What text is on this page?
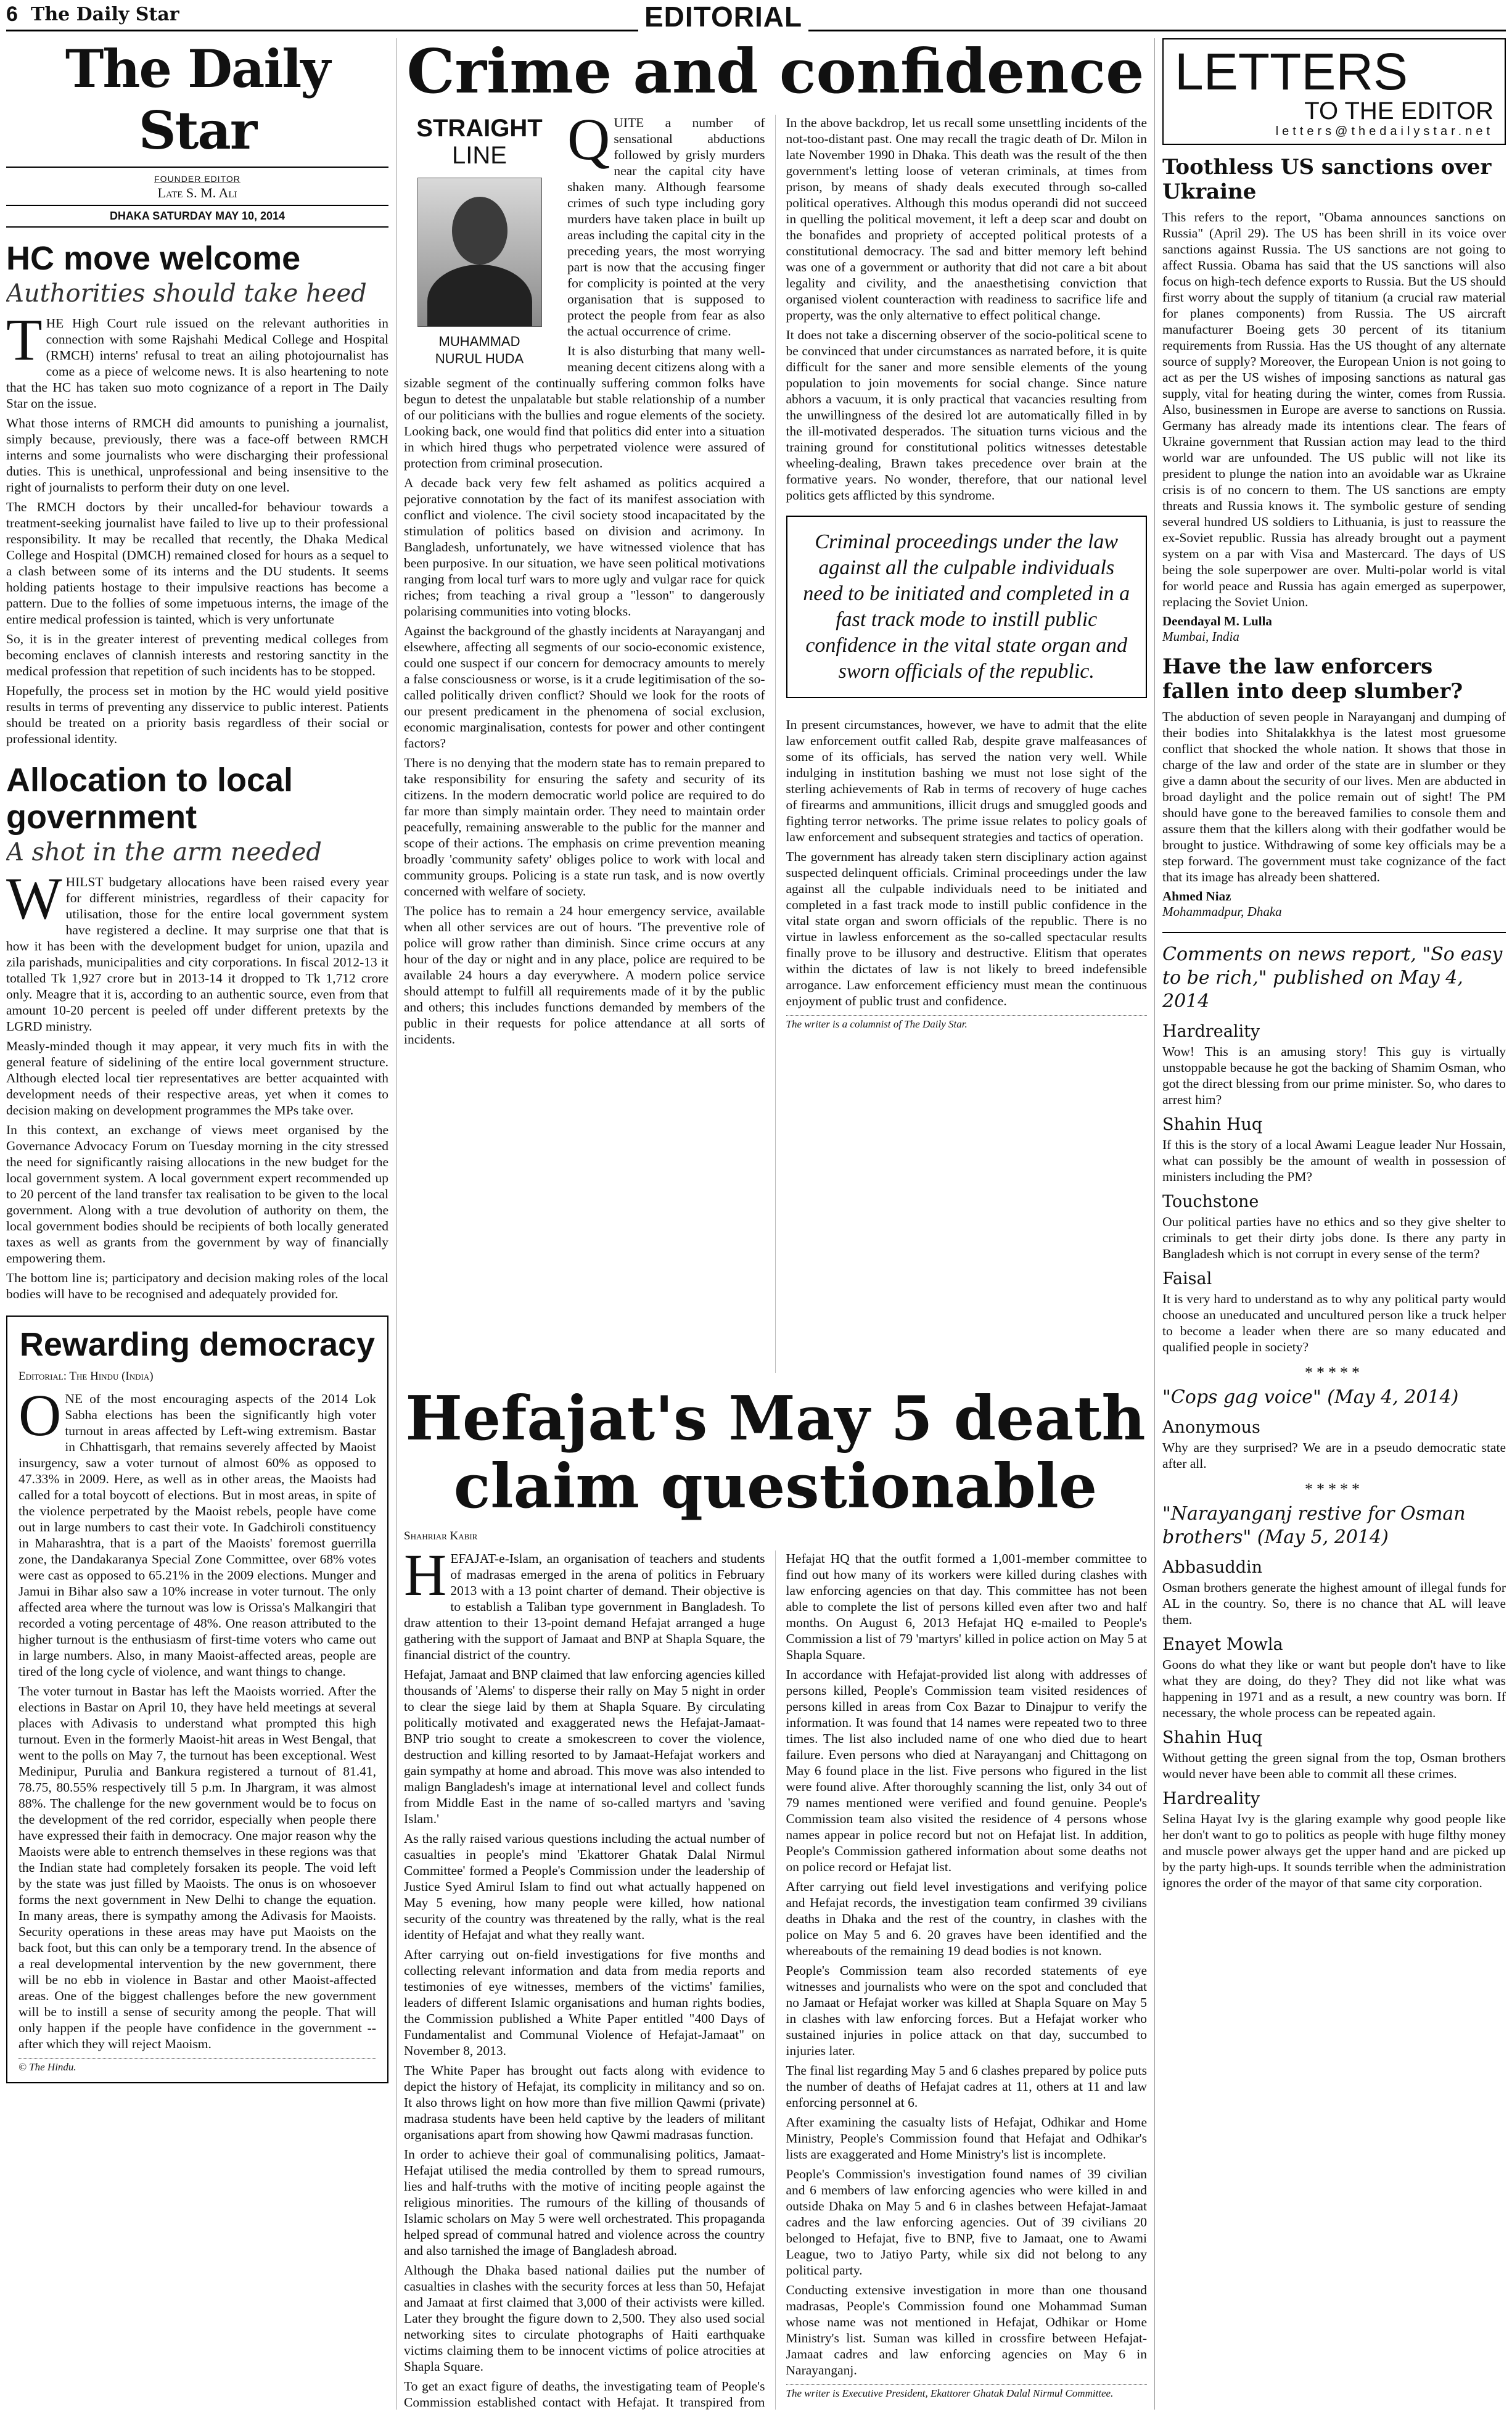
6 The Daily Star	EDITORIAL
The Daily Star
FOUNDER EDITOR
Late S. M. Ali
DHAKA SATURDAY MAY 10, 2014
HC move welcome
Authorities should take heed

THE High Court rule issued on the relevant authorities in connection with some Rajshahi Medical College and Hospital (RMCH) interns' refusal to treat an ailing photojournalist has come as a piece of welcome news. It is also heartening to note that the HC has taken suo moto cognizance of a report in The Daily Star on the issue.

What those interns of RMCH did amounts to punishing a journalist, simply because, previously, there was a face-off between RMCH interns and some journalists who were discharging their professional duties. This is unethical, unprofessional and being insensitive to the right of journalists to perform their duty on one level.

The RMCH doctors by their uncalled-for behaviour towards a treatment-seeking journalist have failed to live up to their professional responsibility. It may be recalled that recently, the Dhaka Medical College and Hospital (DMCH) remained closed for hours as a sequel to a clash between some of its interns and the DU students. It seems holding patients hostage to their impulsive reactions has become a pattern. Due to the follies of some impetuous interns, the image of the entire medical profession is tainted, which is very unfortunate

So, it is in the greater interest of preventing medical colleges from becoming enclaves of clannish interests and restoring sanctity in the medical profession that repetition of such incidents has to be stopped.

Hopefully, the process set in motion by the HC would yield positive results in terms of preventing any disservice to public interest. Patients should be treated on a priority basis regardless of their social or professional identity.

Allocation to local government
A shot in the arm needed

WHILST budgetary allocations have been raised every year for different ministries, regardless of their capacity for utilisation, those for the entire local government system have registered a decline. It may surprise one that that is how it has been with the development budget for union, upazila and zila parishads, municipalities and city corporations. In fiscal 2012-13 it totalled Tk 1,927 crore but in 2013-14 it dropped to Tk 1,712 crore only. Meagre that it is, according to an authentic source, even from that amount 10-20 percent is peeled off under different pretexts by the LGRD ministry.

Measly-minded though it may appear, it very much fits in with the general feature of sidelining of the entire local government structure. Although elected local tier representatives are better acquainted with development needs of their respective areas, yet when it comes to decision making on development programmes the MPs take over.

In this context, an exchange of views meet organised by the Governance Advocacy Forum on Tuesday morning in the city stressed the need for significantly raising allocations in the new budget for the local government system. A local government expert recommended up to 20 percent of the land transfer tax realisation to be given to the local government. Along with a true devolution of authority on them, the local government bodies should be recipients of both locally generated taxes as well as grants from the government by way of financially empowering them.

The bottom line is; participatory and decision making roles of the local bodies will have to be recognised and adequately provided for.

Rewarding democracy
Editorial: The Hindu (India)

ONE of the most encouraging aspects of the 2014 Lok Sabha elections has been the significantly high voter turnout in areas affected by Left-wing extremism. Bastar in Chhattisgarh, that remains severely affected by Maoist insurgency, saw a voter turnout of almost 60% as opposed to 47.33% in 2009. Here, as well as in other areas, the Maoists had called for a total boycott of elections. But in most areas, in spite of the violence perpetrated by the Maoist rebels, people have come out in large numbers to cast their vote. In Gadchiroli constituency in Maharashtra, that is a part of the Maoists' foremost guerrilla zone, the Dandakaranya Special Zone Committee, over 68% votes were cast as opposed to 65.21% in the 2009 elections. Munger and Jamui in Bihar also saw a 10% increase in voter turnout. The only affected area where the turnout was low is Orissa's Malkangiri that recorded a voting percentage of 48%. One reason attributed to the higher turnout is the enthusiasm of first-time voters who came out in large numbers. Also, in many Maoist-affected areas, people are tired of the long cycle of violence, and want things to change.

The voter turnout in Bastar has left the Maoists worried. After the elections in Bastar on April 10, they have held meetings at several places with Adivasis to understand what prompted this high turnout. Even in the formerly Maoist-hit areas in West Bengal, that went to the polls on May 7, the turnout has been exceptional. West Medinipur, Purulia and Bankura registered a turnout of 81.41, 78.75, 80.55% respectively till 5 p.m. In Jhargram, it was almost 88%. The challenge for the new government would be to focus on the development of the red corridor, especially when people there have expressed their faith in democracy. One major reason why the Maoists were able to entrench themselves in these regions was that the Indian state had completely forsaken its people. The void left by the state was just filled by Maoists. The onus is on whosoever forms the next government in New Delhi to change the equation. In many areas, there is sympathy among the Adivasis for Maoists. Security operations in these areas may have put Maoists on the back foot, but this can only be a temporary trend. In the absence of a real developmental intervention by the new government, there will be no ebb in violence in Bastar and other Maoist-affected areas. One of the biggest challenges before the new government will be to instill a sense of security among the people. That will only happen if the people have confidence in the government -- after which they will reject Maoism.

© The Hindu.
Crime and confidence
STRAIGHT
LINE
MUHAMMAD
NURUL HUDA

QUITE a number of sensational abductions followed by grisly murders near the capital city have shaken many. Although fearsome crimes of such type including gory murders have taken place in built up areas including the capital city in the preceding years, the most worrying part is now that the accusing finger for complicity is pointed at the very organisation that is supposed to protect the people from fear as also the actual occurrence of crime.

It is also disturbing that many well-meaning decent citizens along with a sizable segment of the continually suffering common folks have begun to detest the unpalatable but stable relationship of a number of our politicians with the bullies and rogue elements of the society. Looking back, one would find that politics did enter into a situation in which hired thugs who perpetrated violence were assured of protection from criminal prosecution.

A decade back very few felt ashamed as politics acquired a pejorative connotation by the fact of its manifest association with conflict and violence. The civil society stood incapacitated by the stimulation of politics based on division and acrimony. In Bangladesh, unfortunately, we have witnessed violence that has been purposive. In our situation, we have seen political motivations ranging from local turf wars to more ugly and vulgar race for quick riches; from teaching a rival group a "lesson" to dangerously polarising communities into voting blocks.

Against the background of the ghastly incidents at Narayanganj and elsewhere, affecting all segments of our socio-economic existence, could one suspect if our concern for democracy amounts to merely a false consciousness or worse, is it a crude legitimisation of the so-called politically driven conflict? Should we look for the roots of our present predicament in the phenomena of social exclusion, economic marginalisation, contests for power and other contingent factors?

There is no denying that the modern state has to remain prepared to take responsibility for ensuring the safety and security of its citizens. In the modern democratic world police are required to do far more than simply maintain order. They need to maintain order peacefully, remaining answerable to the public for the manner and scope of their actions. The emphasis on crime prevention meaning broadly 'community safety' obliges police to work with local and community groups. Policing is a state run task, and is now overtly concerned with welfare of society.

The police has to remain a 24 hour emergency service, available when all other services are out of hours. 'The preventive role of police will grow rather than diminish. Since crime occurs at any hour of the day or night and in any place, police are required to be available 24 hours a day everywhere. A modern police service should attempt to fulfill all requirements made of it by the public and others; this includes functions demanded by members of the public in their requests for police attendance at all sorts of incidents.

In the above backdrop, let us recall some unsettling incidents of the not-too-distant past. One may recall the tragic death of Dr. Milon in late November 1990 in Dhaka. This death was the result of the then government's letting loose of veteran criminals, at times from prison, by means of shady deals executed through so-called political operatives. Although this modus operandi did not succeed in quelling the political movement, it left a deep scar and doubt on the bonafides and propriety of accepted political protests of a constitutional democracy. The sad and bitter memory left behind was one of a government or authority that did not care a bit about legality and civility, and the anaesthetising conviction that organised violent counteraction with readiness to sacrifice life and property, was the only alternative to effect political change.

It does not take a discerning observer of the socio-political scene to be convinced that under circumstances as narrated before, it is quite difficult for the saner and more sensible elements of the young population to join movements for social change. Since nature abhors a vacuum, it is only practical that vacancies resulting from the unwillingness of the desired lot are automatically filled in by the ill-motivated desperados. The situation turns vicious and the training ground for constitutional politics witnesses detestable wheeling-dealing, Brawn takes precedence over brain at the formative years. No wonder, therefore, that our national level politics gets afflicted by this syndrome.

Criminal proceedings under the law against all the culpable individuals need to be initiated and completed in a fast track mode to instill public confidence in the vital state organ and sworn officials of the republic.

In present circumstances, however, we have to admit that the elite law enforcement outfit called Rab, despite grave malfeasances of some of its officials, has served the nation very well. While indulging in institution bashing we must not lose sight of the sterling achievements of Rab in terms of recovery of huge caches of firearms and ammunitions, illicit drugs and smuggled goods and fighting terror networks. The prime issue relates to policy goals of law enforcement and subsequent strategies and tactics of operation.

The government has already taken stern disciplinary action against suspected delinquent officials. Criminal proceedings under the law against all the culpable individuals need to be initiated and completed in a fast track mode to instill public confidence in the vital state organ and sworn officials of the republic. There is no virtue in lawless enforcement as the so-called spectacular results finally prove to be illusory and destructive. Elitism that operates within the dictates of law is not likely to breed indefensible arrogance. Law enforcement efficiency must mean the continuous enjoyment of public trust and confidence.

The writer is a columnist of The Daily Star.
Hefajat's May 5 death claim questionable
Shahriar Kabir

HEFAJAT-e-Islam, an organisation of teachers and students of madrasas emerged in the arena of politics in February 2013 with a 13 point charter of demand. Their objective is to establish a Taliban type government in Bangladesh. To draw attention to their 13-point demand Hefajat arranged a huge gathering with the support of Jamaat and BNP at Shapla Square, the financial district of the country.

Hefajat, Jamaat and BNP claimed that law enforcing agencies killed thousands of 'Alems' to disperse their rally on May 5 night in order to clear the siege laid by them at Shapla Square. By circulating politically motivated and exaggerated news the Hefajat-Jamaat-BNP trio sought to create a smokescreen to cover the violence, destruction and killing resorted to by Jamaat-Hefajat workers and gain sympathy at home and abroad. This move was also intended to malign Bangladesh's image at international level and collect funds from Middle East in the name of so-called martyrs and 'saving Islam.'

As the rally raised various questions including the actual number of casualties in people's mind 'Ekattorer Ghatak Dalal Nirmul Committee' formed a People's Commission under the leadership of Justice Syed Amirul Islam to find out what actually happened on May 5 evening, how many people were killed, how national security of the country was threatened by the rally, what is the real identity of Hefajat and what they really want.

After carrying out on-field investigations for five months and collecting relevant information and data from media reports and testimonies of eye witnesses, members of the victims' families, leaders of different Islamic organisations and human rights bodies, the Commission published a White Paper entitled "400 Days of Fundamentalist and Communal Violence of Hefajat-Jamaat" on November 8, 2013.

The White Paper has brought out facts along with evidence to depict the history of Hefajat, its complicity in militancy and so on. It also throws light on how more than five million Qawmi (private) madrasa students have been held captive by the leaders of militant organisations apart from showing how Qawmi madrasas function.

In order to achieve their goal of communalising politics, Jamaat-Hefajat utilised the media controlled by them to spread rumours, lies and half-truths with the motive of inciting people against the religious minorities. The rumours of the killing of thousands of Islamic scholars on May 5 were well orchestrated. This propaganda helped spread of communal hatred and violence across the country and also tarnished the image of Bangladesh abroad.

Although the Dhaka based national dailies put the number of casualties in clashes with the security forces at less than 50, Hefajat and Jamaat at first claimed that 3,000 of their activists were killed. Later they brought the figure down to 2,500. They also used social networking sites to circulate photographs of Haiti earthquake victims claiming them to be innocent victims of police atrocities at Shapla Square.

To get an exact figure of deaths, the investigating team of People's Commission established contact with Hefajat. It transpired from Hefajat HQ that the outfit formed a 1,001-member committee to find out how many of its workers were killed during clashes with law enforcing agencies on that day. This committee has not been able to complete the list of persons killed even after two and half months. On August 6, 2013 Hefajat HQ e-mailed to People's Commission a list of 79 'martyrs' killed in police action on May 5 at Shapla Square.

In accordance with Hefajat-provided list along with addresses of persons killed, People's Commission team visited residences of persons killed in areas from Cox Bazar to Dinajpur to verify the information. It was found that 14 names were repeated two to three times. The list also included name of one who died due to heart failure. Even persons who died at Narayanganj and Chittagong on May 6 found place in the list. Five persons who figured in the list were found alive. After thoroughly scanning the list, only 34 out of 79 names mentioned were verified and found genuine. People's Commission team also visited the residence of 4 persons whose names appear in police record but not on Hefajat list. In addition, People's Commission gathered information about some deaths not on police record or Hefajat list.

After carrying out field level investigations and verifying police and Hefajat records, the investigation team confirmed 39 civilians deaths in Dhaka and the rest of the country, in clashes with the police on May 5 and 6. 20 graves have been identified and the whereabouts of the remaining 19 dead bodies is not known.

People's Commission team also recorded statements of eye witnesses and journalists who were on the spot and concluded that no Jamaat or Hefajat worker was killed at Shapla Square on May 5 in clashes with law enforcing forces. But a Hefajat worker who sustained injuries in police attack on that day, succumbed to injuries later.

The final list regarding May 5 and 6 clashes prepared by police puts the number of deaths of Hefajat cadres at 11, others at 11 and law enforcing personnel at 6.

After examining the casualty lists of Hefajat, Odhikar and Home Ministry, People's Commission found that Hefajat and Odhikar's lists are exaggerated and Home Ministry's list is incomplete.

People's Commission's investigation found names of 39 civilian and 6 members of law enforcing agencies who were killed in and outside Dhaka on May 5 and 6 in clashes between Hefajat-Jamaat cadres and the law enforcing agencies. Out of 39 civilians 20 belonged to Hefajat, five to BNP, five to Jamaat, one to Awami League, two to Jatiyo Party, while six did not belong to any political party.

Conducting extensive investigation in more than one thousand madrasas, People's Commission found one Mohammad Suman whose name was not mentioned in Hefajat, Odhikar or Home Ministry's list. Suman was killed in crossfire between Hefajat-Jamaat cadres and law enforcing agencies on May 6 in Narayanganj.

The writer is Executive President, Ekattorer Ghatak Dalal Nirmul Committee.
LETTERS
TO THE EDITOR
letters@thedailystar.net
Toothless US sanctions over Ukraine

This refers to the report, "Obama announces sanctions on Russia" (April 29). The US has been shrill in its voice over sanctions against Russia. The US sanctions are not going to affect Russia. Obama has said that the US sanctions will also focus on high-tech defence exports to Russia. But the US should first worry about the supply of titanium (a crucial raw material for planes components) from Russia. The US aircraft manufacturer Boeing gets 30 percent of its titanium requirements from Russia. Has the US thought of any alternate source of supply? Moreover, the European Union is not going to act as per the US wishes of imposing sanctions as natural gas supply, vital for heating during the winter, comes from Russia. Also, businessmen in Europe are averse to sanctions on Russia. Germany has already made its intentions clear. The fears of Ukraine government that Russian action may lead to the third world war are unfounded. The US public will not like its president to plunge the nation into an avoidable war as Ukraine crisis is of no concern to them. The US sanctions are empty threats and Russia knows it. The symbolic gesture of sending several hundred US soldiers to Lithuania, is just to reassure the ex-Soviet republic. Russia has already brought out a payment system on a par with Visa and Mastercard. The days of US being the sole superpower are over. Multi-polar world is vital for world peace and Russia has again emerged as superpower, replacing the Soviet Union.

Deendayal M. Lulla
Mumbai, India
Have the law enforcers fallen into deep slumber?

The abduction of seven people in Narayanganj and dumping of their bodies into Shitalakkhya is the latest most gruesome conflict that shocked the whole nation. It shows that those in charge of the law and order of the state are in slumber or they give a damn about the security of our lives. Men are abducted in broad daylight and the police remain out of sight! The PM should have gone to the bereaved families to console them and assure them that the killers along with their godfather would be brought to justice. Withdrawing of some key officials may be a step forward. The government must take cognizance of the fact that its image has already been shattered.

Ahmed Niaz
Mohammadpur, Dhaka
Comments on news report, "So easy to be rich," published on May 4, 2014
Hardreality

Wow! This is an amusing story! This guy is virtually unstoppable because he got the backing of Shamim Osman, who got the direct blessing from our prime minister. So, who dares to arrest him?

Shahin Huq

If this is the story of a local Awami League leader Nur Hossain, what can possibly be the amount of wealth in possession of ministers including the PM?

Touchstone

Our political parties have no ethics and so they give shelter to criminals to get their dirty jobs done. Is there any party in Bangladesh which is not corrupt in every sense of the term?

Faisal

It is very hard to understand as to why any political party would choose an uneducated and uncultured person like a truck helper to become a leader when there are so many educated and qualified people in society?

*****
"Cops gag voice" (May 4, 2014)
Anonymous

Why are they surprised? We are in a pseudo democratic state after all.

*****
"Narayanganj restive for Osman brothers" (May 5, 2014)
Abbasuddin

Osman brothers generate the highest amount of illegal funds for AL in the country. So, there is no chance that AL will leave them.

Enayet Mowla

Goons do what they like or want but people don't have to like what they are doing, do they? They did not like what was happening in 1971 and as a result, a new country was born. If necessary, the whole process can be repeated again.

Shahin Huq

Without getting the green signal from the top, Osman brothers would never have been able to commit all these crimes.

Hardreality

Selina Hayat Ivy is the glaring example why good people like her don't want to go to politics as people with huge filthy money and muscle power always get the upper hand and are picked up by the party high-ups. It sounds terrible when the administration ignores the order of the mayor of that same city corporation.
